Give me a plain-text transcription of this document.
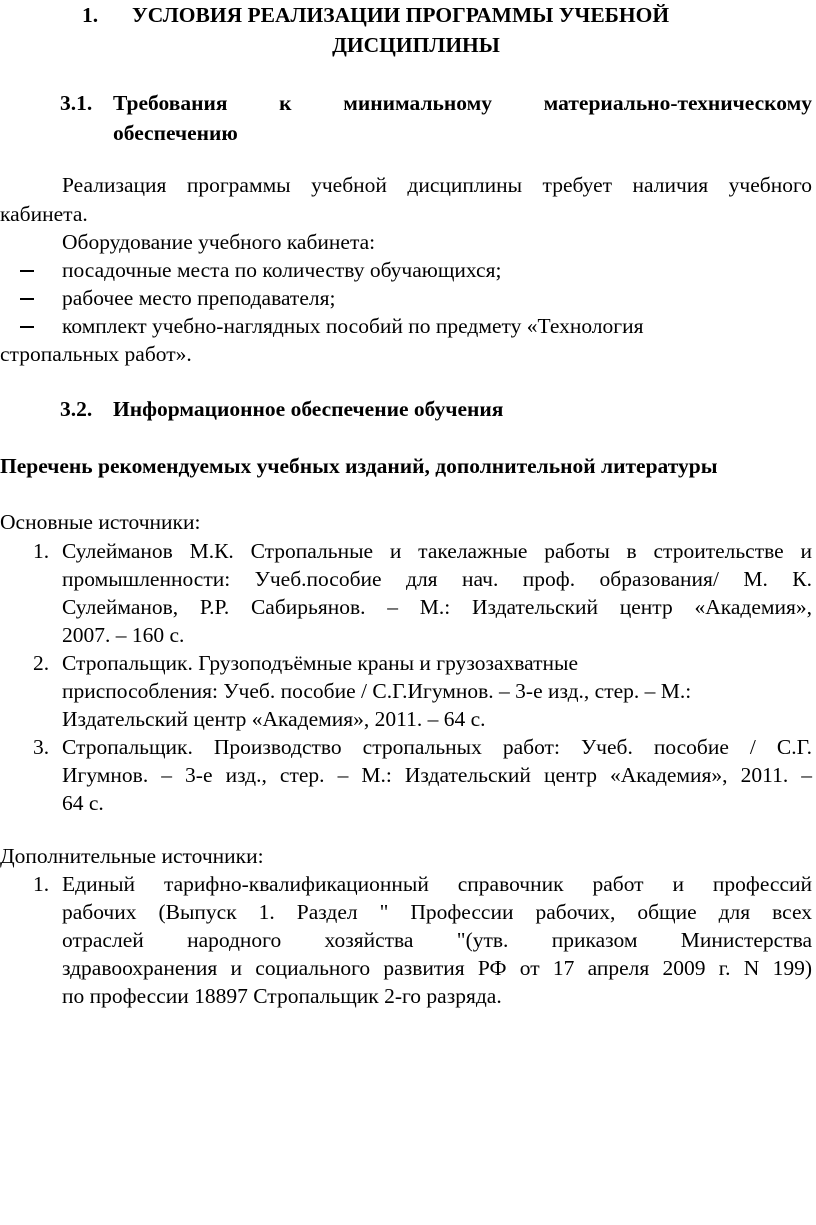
1. УСЛОВИЯ РЕАЛИЗАЦИИ ПРОГРАММЫ УЧЕБНОЙ
ДИСЦИПЛИНЫ
3.1. Требования к минимальному материально-техническому
обеспечению
Реализация программы учебной дисциплины требует наличия учебного
кабинета.
Оборудование учебного кабинета:
посадочные места по количеству обучающихся;
рабочее место преподавателя;
комплект учебно-наглядных пособий по предмету «Технология
стропальных работ».
3.2. Информационное обеспечение обучения
Перечень рекомендуемых учебных изданий, дополнительной литературы
Основные источники:
1. Сулейманов М.К. Стропальные и такелажные работы в строительстве и
промышленности: Учеб.пособие для нач. проф. образования/ М. К.
Сулейманов, Р.Р. Сабирьянов. – М.: Издательский центр «Академия»,
2007. – 160 с.
2. Стропальщик. Грузоподъёмные краны и грузозахватные
приспособления: Учеб. пособие / С.Г.Игумнов. – 3-е изд., стер. – М.:
Издательский центр «Академия», 2011. – 64 с.
3. Стропальщик. Производство стропальных работ: Учеб. пособие / С.Г.
Игумнов. – 3-е изд., стер. – М.: Издательский центр «Академия», 2011. –
64 с.
Дополнительные источники:
1. Единый тарифно-квалификационный справочник работ и профессий
рабочих (Выпуск 1. Раздел " Профессии рабочих, общие для всех
отраслей народного хозяйства "(утв. приказом Министерства
здравоохранения и социального развития РФ от 17 апреля 2009 г. N 199)
по профессии 18897 Стропальщик 2-го разряда.
